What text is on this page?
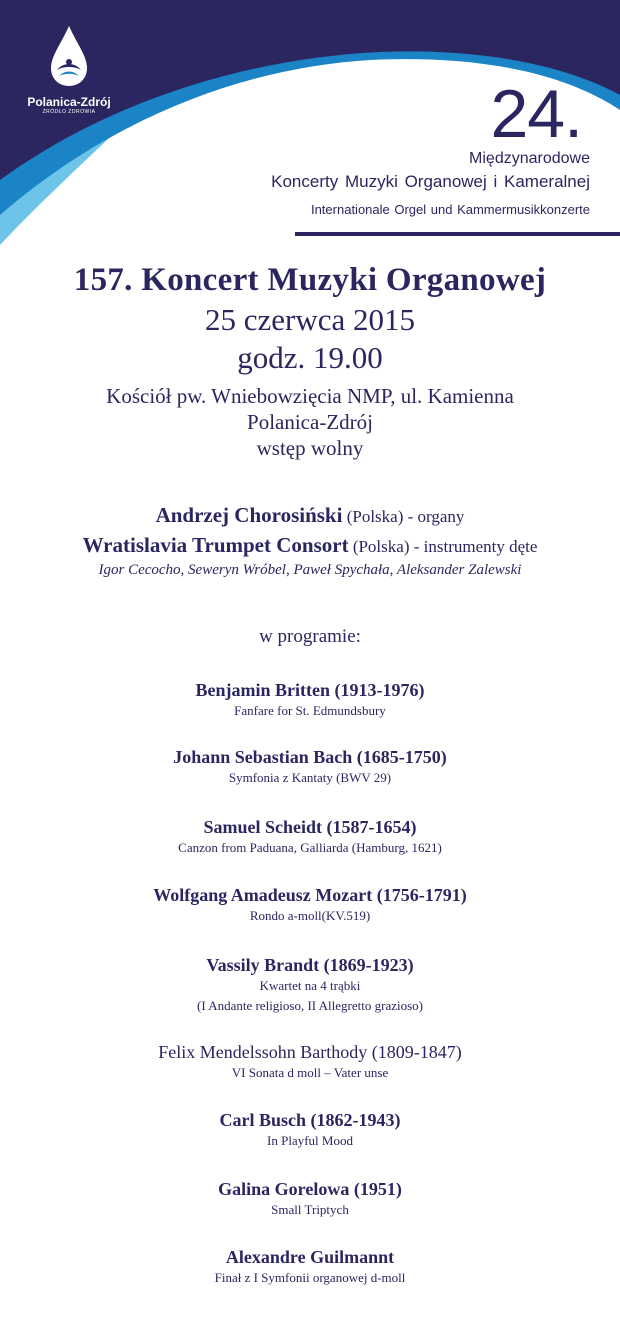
Polanica-Zdrój
ŹRÓDŁO ZDROWIA	24.
Międzynarodowe
Koncerty Muzyki Organowej i Kameralnej
Internationale Orgel und Kammermusikkonzerte
157. Koncert Muzyki Organowej
25 czerwca 2015
godz. 19.00
Kościół pw. Wniebowzięcia NMP, ul. Kamienna
Polanica-Zdrój
wstęp wolny
Andrzej Chorosiński (Polska) - organy
Wratislavia Trumpet Consort (Polska) - instrumenty dęte
Igor Cecocho, Seweryn Wróbel, Paweł Spychała, Aleksander Zalewski
w programie:
Benjamin Britten (1913-1976)
Fanfare for St. Edmundsbury
Johann Sebastian Bach (1685-1750)
Symfonia z Kantaty (BWV 29)
Samuel Scheidt (1587-1654)
Canzon from Paduana, Galliarda (Hamburg, 1621)
Wolfgang Amadeusz Mozart (1756-1791)
Rondo a-moll(KV.519)
Vassily Brandt (1869-1923)
Kwartet na 4 trąbki
(I Andante religioso, II Allegretto grazioso)
Felix Mendelssohn Barthody (1809-1847)
VI Sonata d moll – Vater unse
Carl Busch (1862-1943)
In Playful Mood
Galina Gorelowa (1951)
Small Triptych
Alexandre Guilmannt
Finał z I Symfonii organowej d-moll
